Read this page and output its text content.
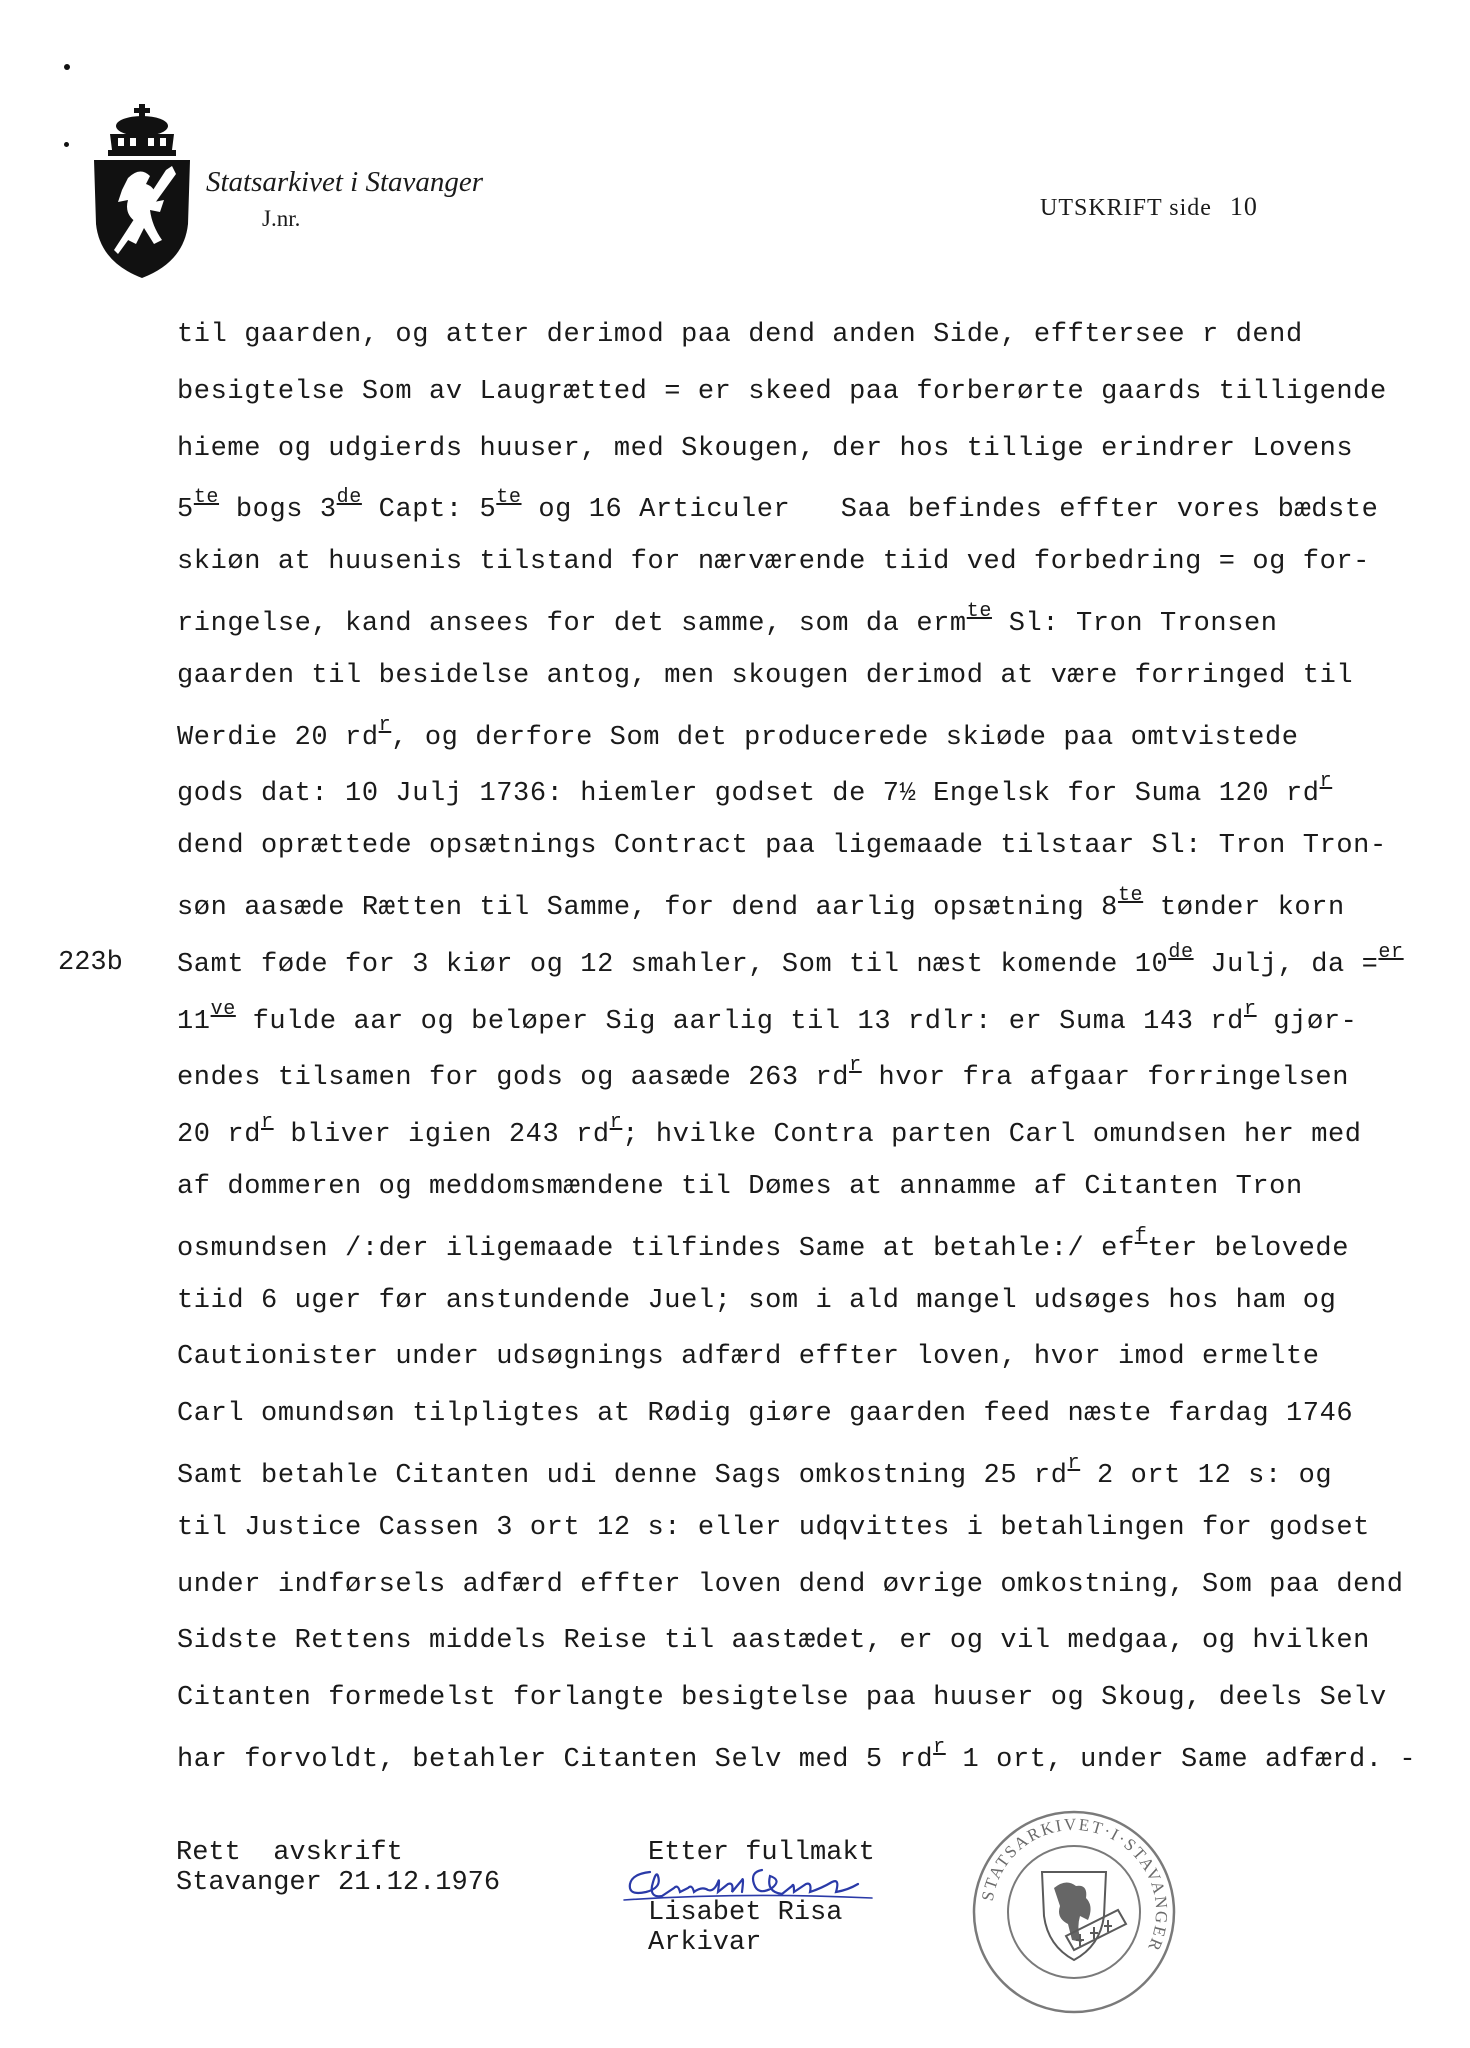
Statsarkivet i Stavanger
J.nr.	UTSKRIFT side 10
223b
til gaarden, og atter derimod paa dend anden Side, efftersee r dend
besigtelse Som av Laugrætted = er skeed paa forberørte gaards tilligende
hieme og udgierds huuser, med Skougen, der hos tillige erindrer Lovens
$5^{te}$ bogs 3de Capt: $5^{te}$ og 16 Articuler   Saa befindes effter vores bædste
skiøn at huusenis tilstand for nærværende tiid ved forbedring = og for-
ringelse, kand ansees for det samme, som da erm$^{te}$ Sl: Tron Tronsen
gaarden til besidelse antog, men skougen derimod at være forringed til
Werdie 20 $rd^r$, og derfore Som det producerede skiøde paa omtvistede
gods dat: 10 Julj 1736: hiemler godset de 7½ Engelsk for Suma 120 $rd^r$
dend oprættede opsætnings Contract paa ligemaade tilstaar Sl: Tron Tron-
søn aasæde Rætten til Samme, for dend aarlig opsætning $8^{te}$ tønder korn
Samt føde for 3 kiør og 12 smahler, Som til næst komende 10de Julj, da =$^{er}$
$11^{ve}$ fulde aar og beløper Sig aarlig til 13 rdlr: er Suma 143 $rd^r$ gjør-
endes tilsamen for gods og aasæde 263 $rd^r$ hvor fra afgaar forringelsen
20 $rd^r$ bliver igien 243 $rd^r$; hvilke Contra parten Carl omundsen her med
af dommeren og meddomsmændene til Dømes at annamme af Citanten Tron
osmundsen /:der iligemaade tilfindes Same at betahle:/ $ef^fter$ belovede
tiid 6 uger før anstundende Juel; som i ald mangel udsøges hos ham og
Cautionister under udsøgnings adfærd effter loven, hvor imod ermelte
Carl omundsøn tilpligtes at Rødig giøre gaarden feed næste fardag 1746
Samt betahle Citanten udi denne Sags omkostning 25 $rd^r$ 2 ort 12 s: og
til Justice Cassen 3 ort 12 s: eller udqvittes i betahlingen for godset
under indførsels adfærd effter loven dend øvrige omkostning, Som paa dend
Sidste Rettens middels Reise til aastædet, er og vil medgaa, og hvilken
Citanten formedelst forlangte besigtelse paa huuser og Skoug, deels Selv
har forvoldt, betahler Citanten Selv med 5 $rd^r$ 1 ort, under Same adfærd. -
Rett  avskrift
Stavanger 21.12.1976
Etter fullmakt
Lisabet Risa
Arkivar
STATSARKIVET·I·STAVANGER
